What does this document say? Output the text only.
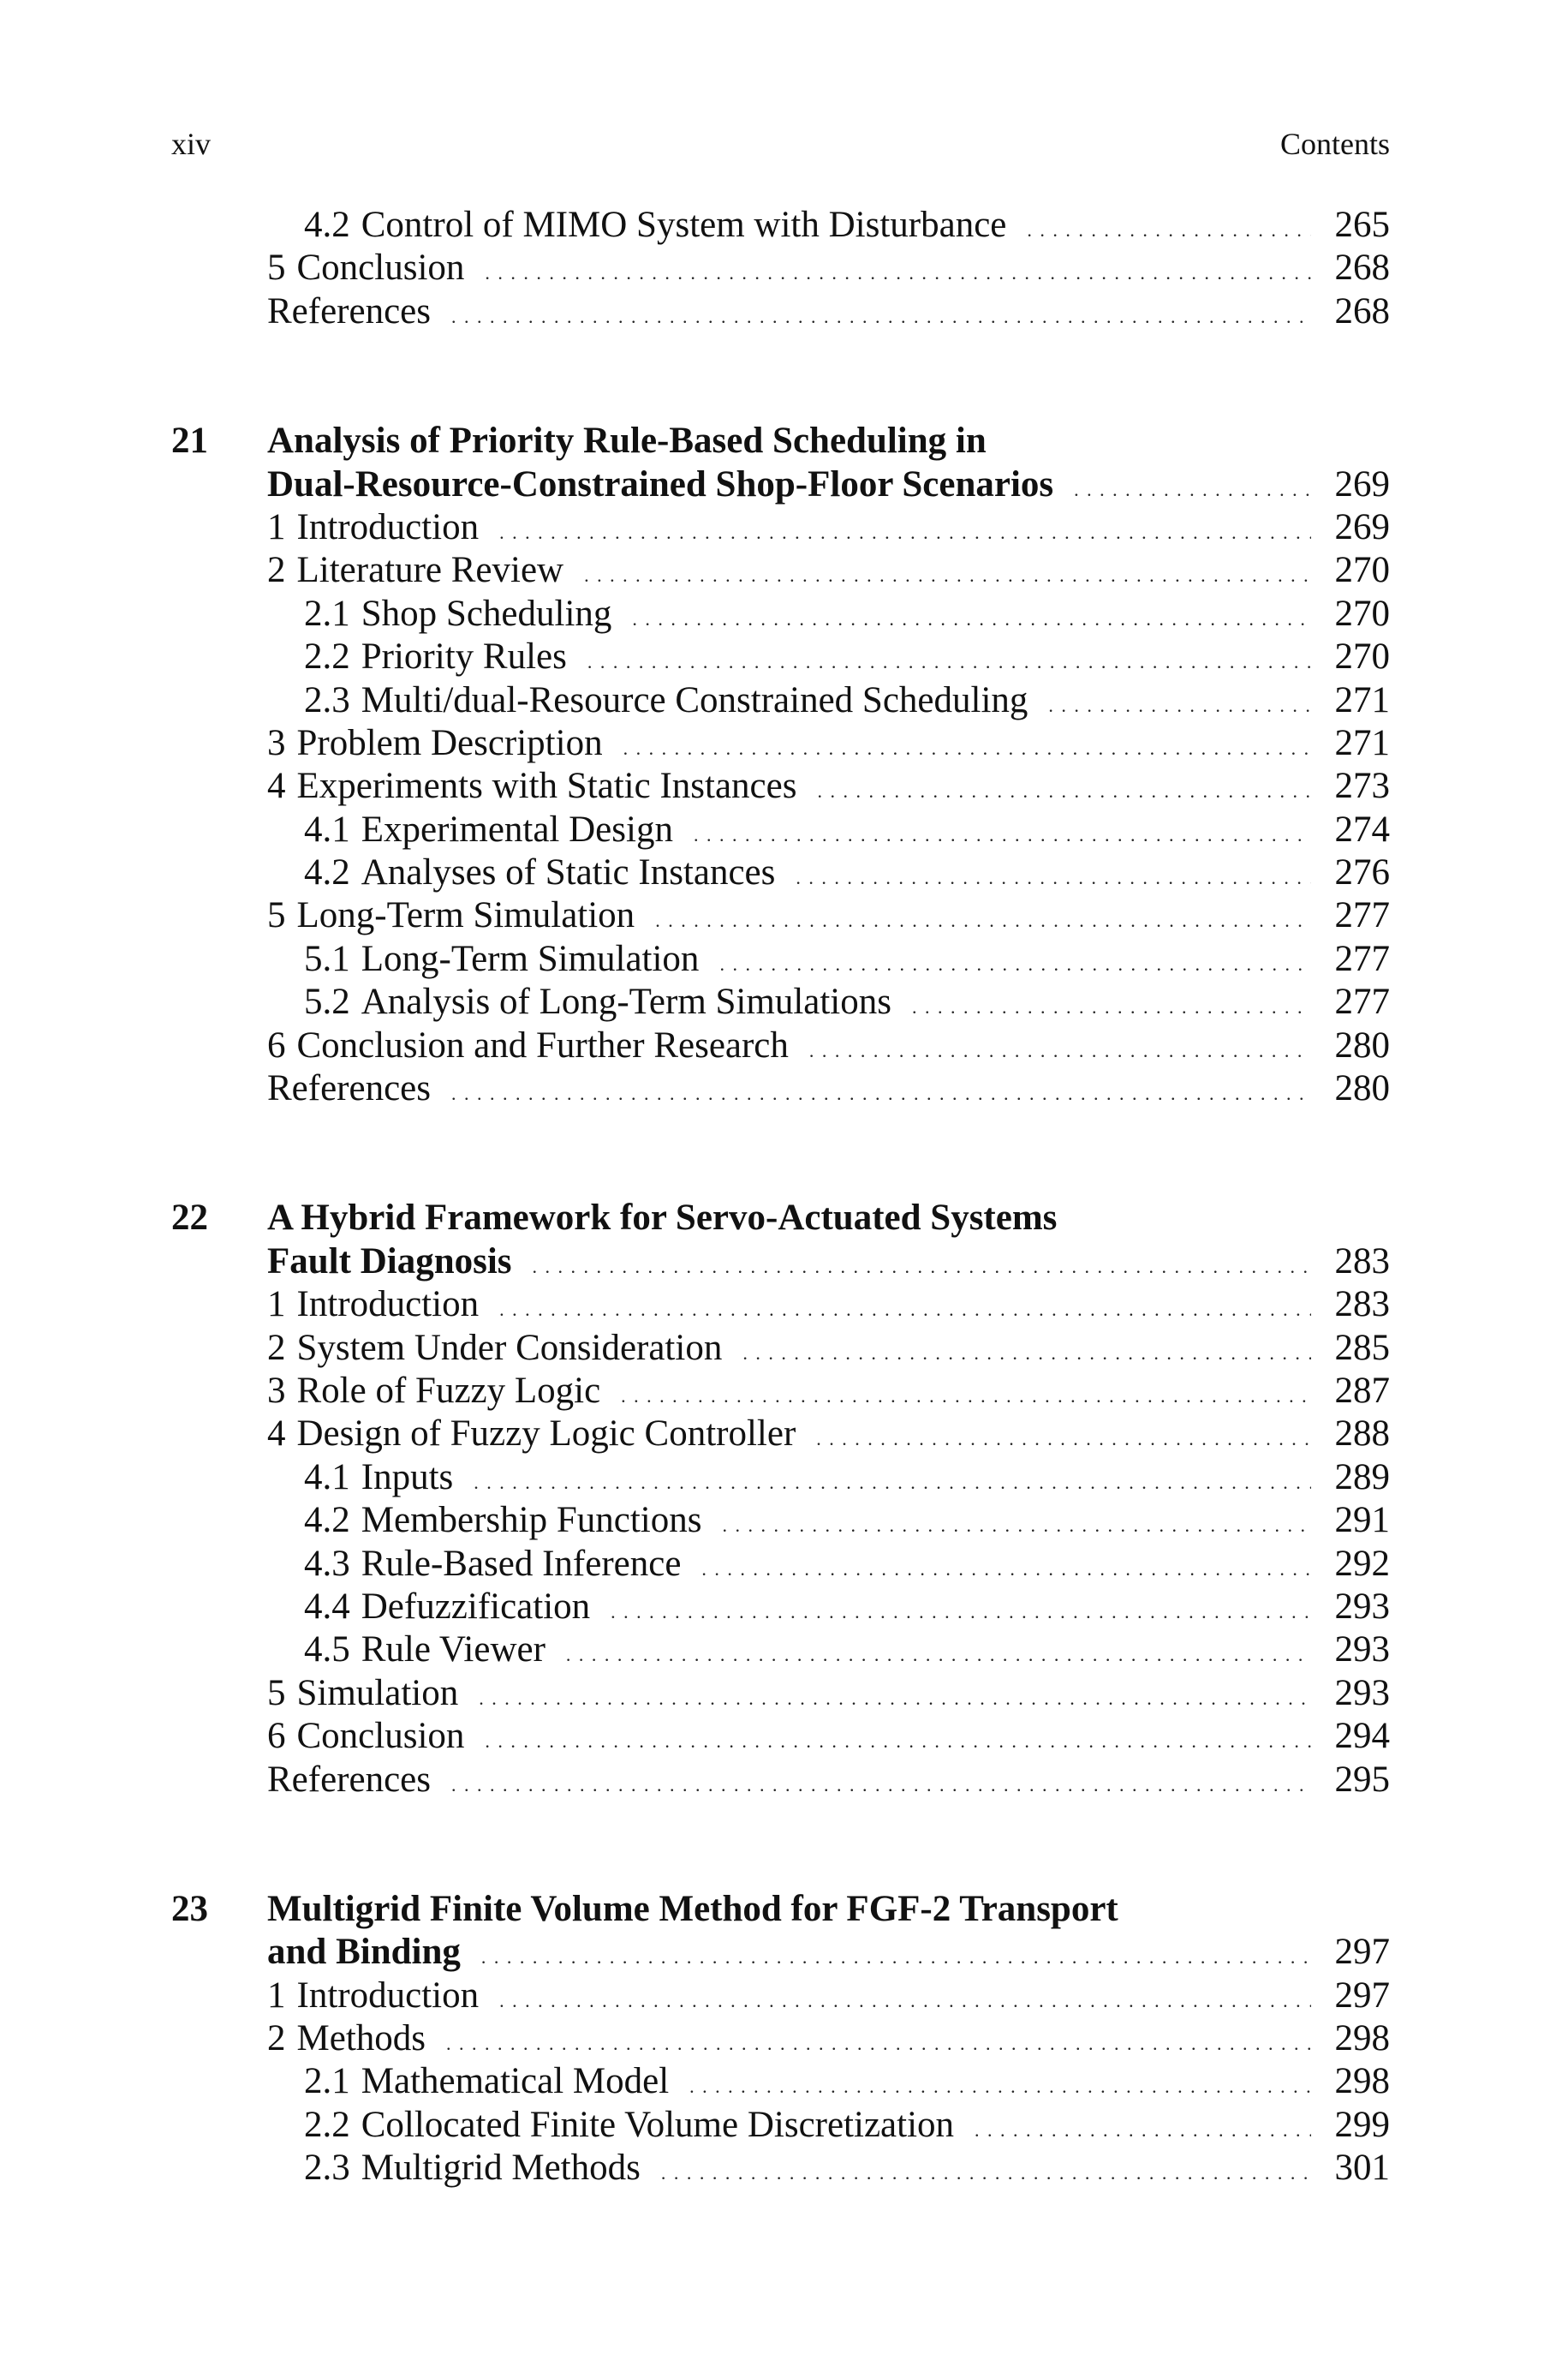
xiv	Contents
4.2 Control of MIMO System with Disturbance . . .	265
5 Conclusion . . .	268
References . . .	268
21	Analysis of Priority Rule-Based Scheduling in
Dual-Resource-Constrained Shop-Floor Scenarios . . .	269
1 Introduction . . .	269
2 Literature Review . . .	270
2.1 Shop Scheduling . . .	270
2.2 Priority Rules . . .	270
2.3 Multi/dual-Resource Constrained Scheduling . . .	271
3 Problem Description . . .	271
4 Experiments with Static Instances . . .	273
4.1 Experimental Design . . .	274
4.2 Analyses of Static Instances . . .	276
5 Long-Term Simulation . . .	277
5.1 Long-Term Simulation . . .	277
5.2 Analysis of Long-Term Simulations . . .	277
6 Conclusion and Further Research . . .	280
References . . .	280
22	A Hybrid Framework for Servo-Actuated Systems
Fault Diagnosis . . .	283
1 Introduction . . .	283
2 System Under Consideration . . .	285
3 Role of Fuzzy Logic . . .	287
4 Design of Fuzzy Logic Controller . . .	288
4.1 Inputs . . .	289
4.2 Membership Functions . . .	291
4.3 Rule-Based Inference . . .	292
4.4 Defuzzification . . .	293
4.5 Rule Viewer . . .	293
5 Simulation . . .	293
6 Conclusion . . .	294
References . . .	295
23	Multigrid Finite Volume Method for FGF-2 Transport
and Binding . . .	297
1 Introduction . . .	297
2 Methods . . .	298
2.1 Mathematical Model . . .	298
2.2 Collocated Finite Volume Discretization . . .	299
2.3 Multigrid Methods . . .	301
